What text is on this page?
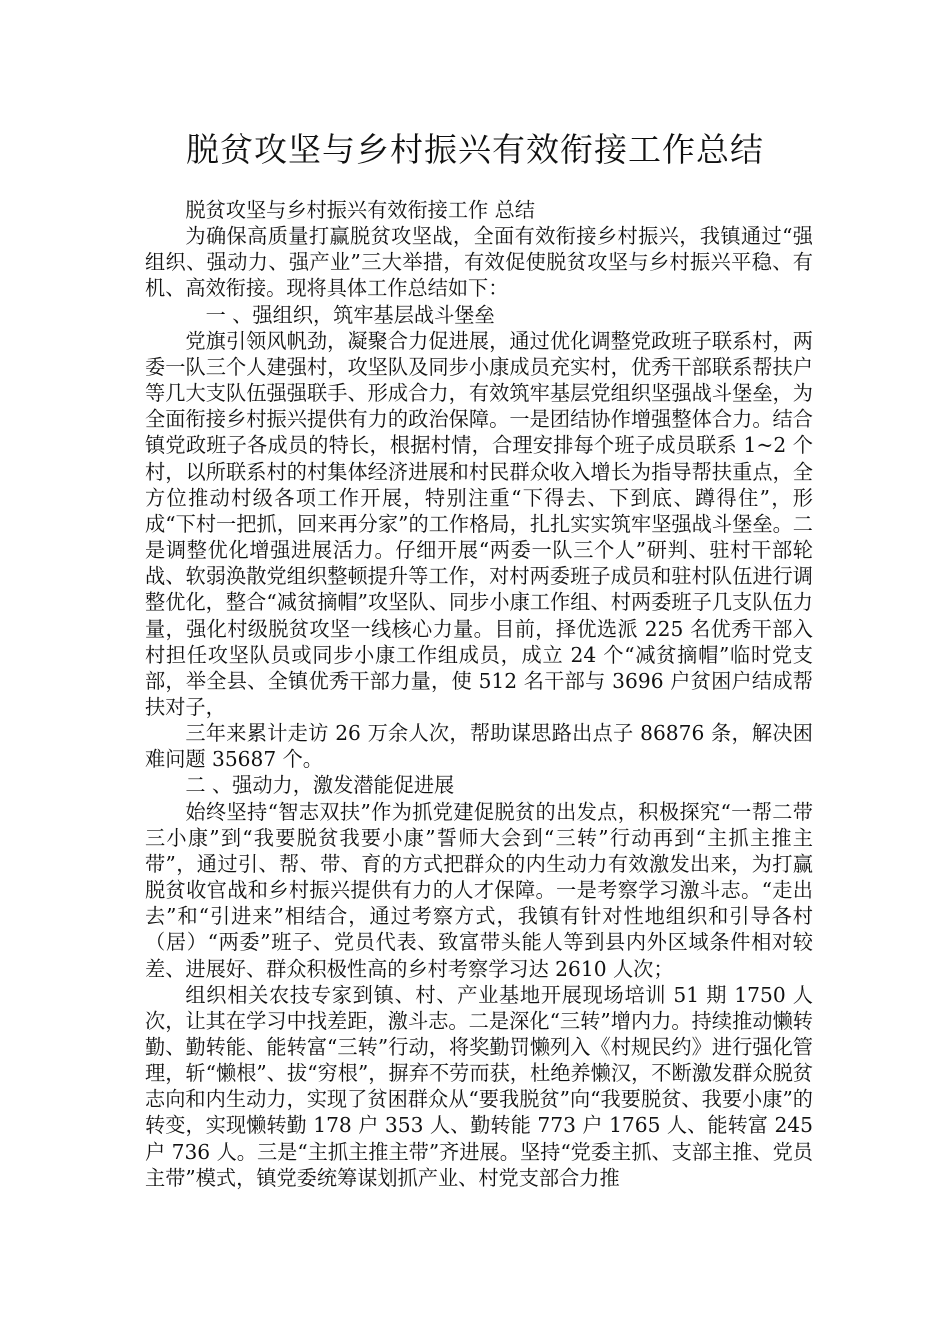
脱贫攻坚与乡村振兴有效衔接工作总结

脱贫攻坚与乡村振兴有效衔接工作 总结

为确保高质量打赢脱贫攻坚战，全面有效衔接乡村振兴，我镇通过“强组织、强动力、强产业”三大举措，有效促使脱贫攻坚与乡村振兴平稳、有机、高效衔接。现将具体工作总结如下：

一 、强组织，筑牢基层战斗堡垒

党旗引领风帆劲，凝聚合力促进展，通过优化调整党政班子联系村，两委一队三个人建强村，攻坚队及同步小康成员充实村，优秀干部联系帮扶户等几大支队伍强强联手、形成合力，有效筑牢基层党组织坚强战斗堡垒，为全面衔接乡村振兴提供有力的政治保障。一是团结协作增强整体合力。结合镇党政班子各成员的特长，根据村情，合理安排每个班子成员联系 1~2 个村，以所联系村的村集体经济进展和村民群众收入增长为指导帮扶重点，全方位推动村级各项工作开展，特别注重“下得去、下到底、蹲得住”，形成“下村一把抓，回来再分家”的工作格局，扎扎实实筑牢坚强战斗堡垒。二是调整优化增强进展活力。仔细开展“两委一队三个人”研判、驻村干部轮战、软弱涣散党组织整顿提升等工作，对村两委班子成员和驻村队伍进行调整优化，整合“减贫摘帽”攻坚队、同步小康工作组、村两委班子几支队伍力量，强化村级脱贫攻坚一线核心力量。目前，择优选派 225 名优秀干部入村担任攻坚队员或同步小康工作组成员，成立 24 个“减贫摘帽”临时党支部，举全县、全镇优秀干部力量，使 512 名干部与 3696 户贫困户结成帮扶对子，

三年来累计走访 26 万余人次，帮助谋思路出点子 86876 条，解决困难问题 35687 个。

二 、强动力，激发潜能促进展

始终坚持“智志双扶”作为抓党建促脱贫的出发点，积极探究“一帮二带三小康”到“我要脱贫我要小康”誓师大会到“三转”行动再到“主抓主推主带”，通过引、帮、带、育的方式把群众的内生动力有效激发出来，为打赢脱贫收官战和乡村振兴提供有力的人才保障。一是考察学习激斗志。“走出去”和“引进来”相结合，通过考察方式，我镇有针对性地组织和引导各村（居）“两委”班子、党员代表、致富带头能人等到县内外区域条件相对较差、进展好、群众积极性高的乡村考察学习达 2610 人次；

组织相关农技专家到镇、村、产业基地开展现场培训 51 期 1750 人次，让其在学习中找差距，激斗志。二是深化“三转”增内力。持续推动懒转勤、勤转能、能转富“三转”行动，将奖勤罚懒列入《村规民约》进行强化管理，斩“懒根”、拔“穷根”，摒弃不劳而获，杜绝养懒汉，不断激发群众脱贫志向和内生动力，实现了贫困群众从“要我脱贫”向“我要脱贫、我要小康”的转变，实现懒转勤 178 户 353 人、勤转能 773 户 1765 人、能转富 245 户 736 人。三是“主抓主推主带”齐进展。坚持“党委主抓、支部主推、党员主带”模式，镇党委统筹谋划抓产业、村党支部合力推
